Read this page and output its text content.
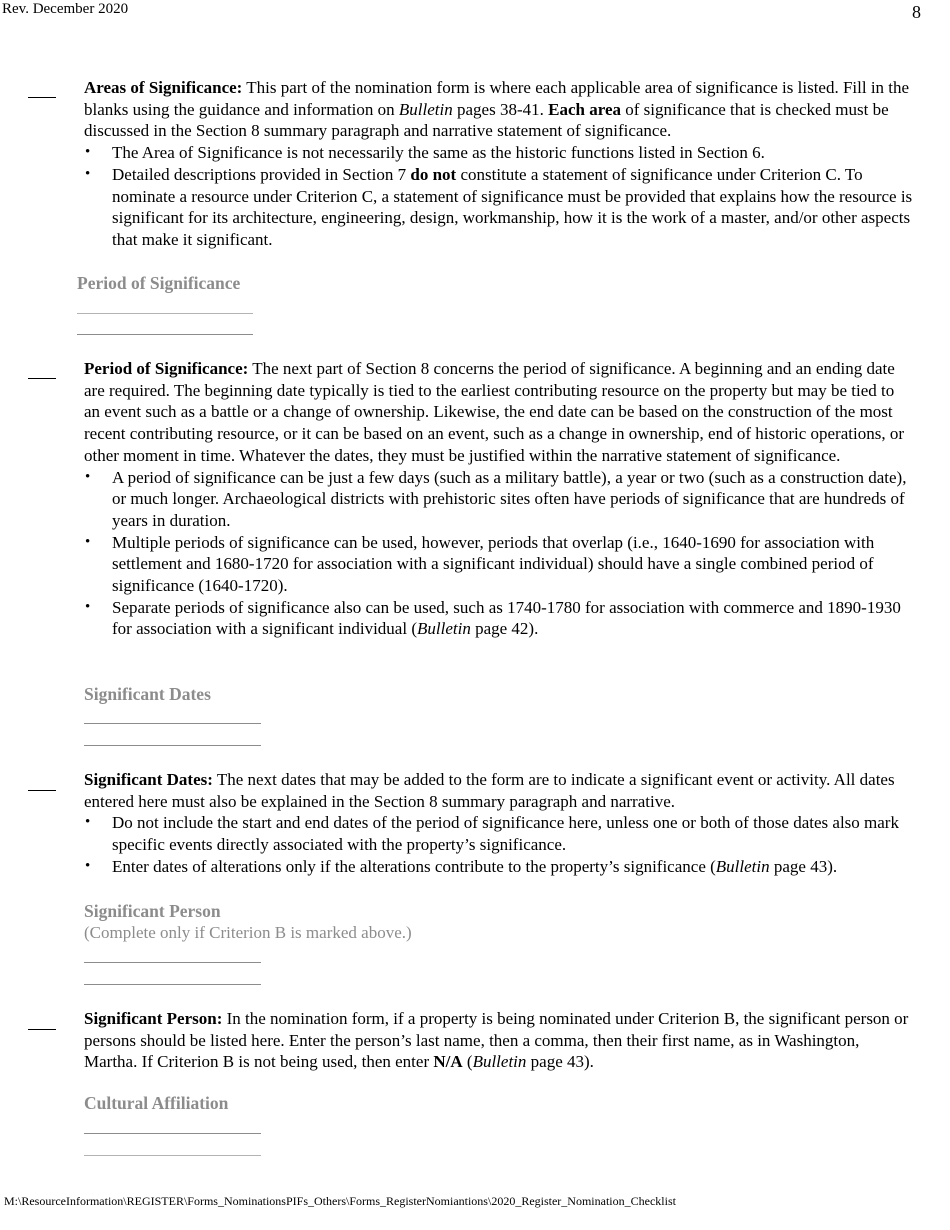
Rev. December 2020	8

Areas of Significance: This part of the nomination form is where each applicable area of significance is listed. Fill in the blanks using the guidance and information on Bulletin pages 38-41. Each area of significance that is checked must be discussed in the Section 8 summary paragraph and narrative statement of significance.

• The Area of Significance is not necessarily the same as the historic functions listed in Section 6.
• Detailed descriptions provided in Section 7 do not constitute a statement of significance under Criterion C. To nominate a resource under Criterion C, a statement of significance must be provided that explains how the resource is significant for its architecture, engineering, design, workmanship, how it is the work of a master, and/or other aspects that make it significant.
Period of Significance

Period of Significance: The next part of Section 8 concerns the period of significance. A beginning and an ending date are required. The beginning date typically is tied to the earliest contributing resource on the property but may be tied to an event such as a battle or a change of ownership. Likewise, the end date can be based on the construction of the most recent contributing resource, or it can be based on an event, such as a change in ownership, end of historic operations, or other moment in time. Whatever the dates, they must be justified within the narrative statement of significance.

• A period of significance can be just a few days (such as a military battle), a year or two (such as a construction date), or much longer. Archaeological districts with prehistoric sites often have periods of significance that are hundreds of years in duration.
• Multiple periods of significance can be used, however, periods that overlap (i.e., 1640-1690 for association with settlement and 1680-1720 for association with a significant individual) should have a single combined period of significance (1640-1720).
• Separate periods of significance also can be used, such as 1740-1780 for association with commerce and 1890-1930 for association with a significant individual (Bulletin page 42).
Significant Dates

Significant Dates: The next dates that may be added to the form are to indicate a significant event or activity. All dates entered here must also be explained in the Section 8 summary paragraph and narrative.

• Do not include the start and end dates of the period of significance here, unless one or both of those dates also mark specific events directly associated with the property’s significance.
• Enter dates of alterations only if the alterations contribute to the property’s significance (Bulletin page 43).
Significant Person
(Complete only if Criterion B is marked above.)

Significant Person: In the nomination form, if a property is being nominated under Criterion B, the significant person or persons should be listed here. Enter the person’s last name, then a comma, then their first name, as in Washington, Martha. If Criterion B is not being used, then enter N/A (Bulletin page 43).

Cultural Affiliation
M:\ResourceInformation\REGISTER\Forms_NominationsPIFs_Others\Forms_RegisterNomiantions\2020_Register_Nomination_Checklist
